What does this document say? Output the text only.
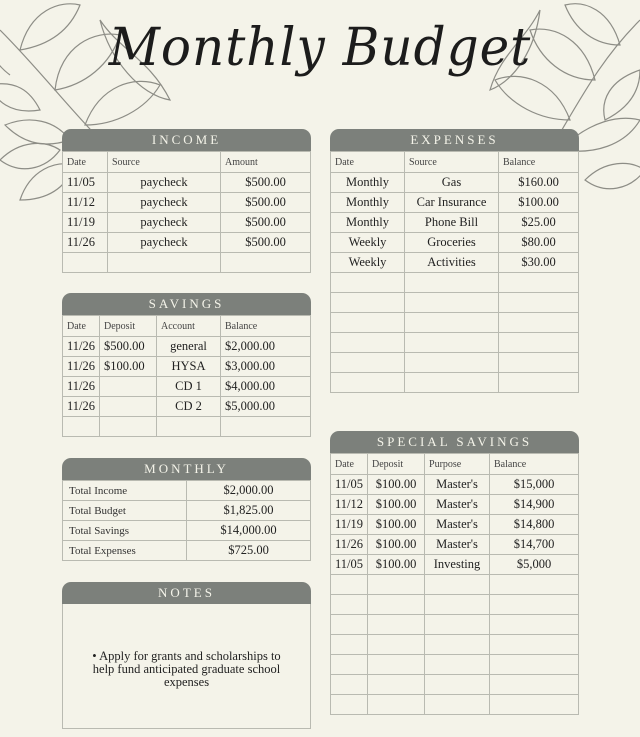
Monthly Budget
INCOME
Date	Source	Amount
11/05	paycheck	$500.00
11/12	paycheck	$500.00
11/19	paycheck	$500.00
11/26	paycheck	$500.00

EXPENSES
Date	Source	Balance
Monthly	Gas	$160.00
Monthly	Car Insurance	$100.00
Monthly	Phone Bill	$25.00
Weekly	Groceries	$80.00
Weekly	Activities	$30.00

SAVINGS
Date	Deposit	Account	Balance
11/26	$500.00	general	$2,000.00
11/26	$100.00	HYSA	$3,000.00
11/26		CD 1	$4,000.00
11/26		CD 2	$5,000.00

MONTHLY
Total Income	$2,000.00
Total Budget	$1,825.00
Total Savings	$14,000.00
Total Expenses	$725.00
NOTES
• Apply for grants and scholarships to help fund anticipated graduate school expenses
SPECIAL SAVINGS
Date	Deposit	Purpose	Balance
11/05	$100.00	Master's	$15,000
11/12	$100.00	Master's	$14,900
11/19	$100.00	Master's	$14,800
11/26	$100.00	Master's	$14,700
11/05	$100.00	Investing	$5,000
